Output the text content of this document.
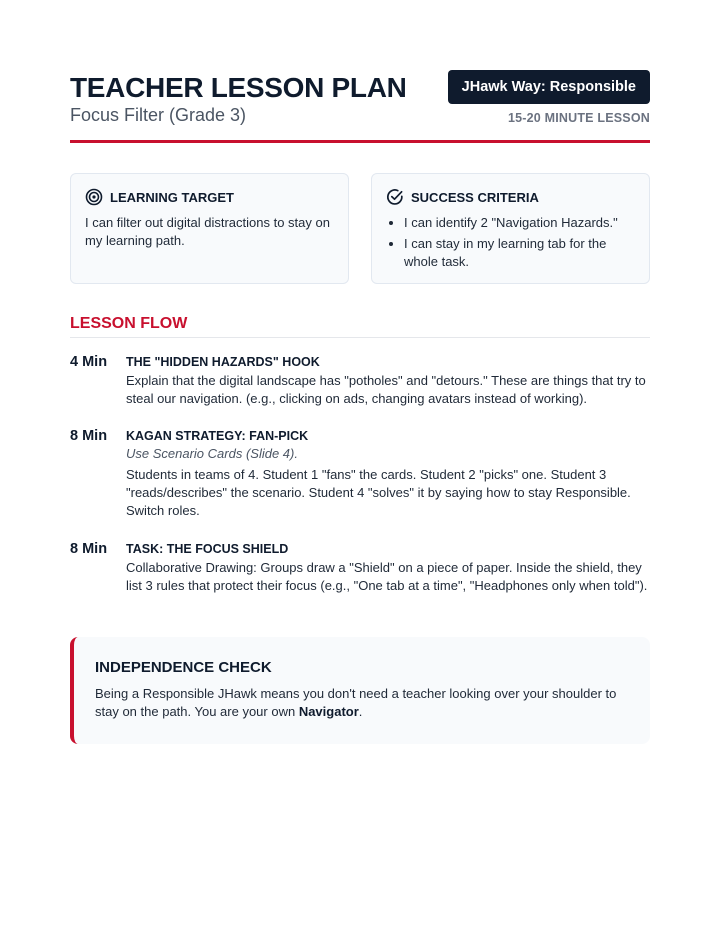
TEACHER LESSON PLAN
Focus Filter (Grade 3)
JHawk Way: Responsible
15-20 MINUTE LESSON
LEARNING TARGET
I can filter out digital distractions to stay on my learning path.
SUCCESS CRITERIA
• I can identify 2 "Navigation Hazards."
• I can stay in my learning tab for the whole task.
LESSON FLOW
4 Min THE "HIDDEN HAZARDS" HOOK
Explain that the digital landscape has "potholes" and "detours." These are things that try to steal our navigation. (e.g., clicking on ads, changing avatars instead of working).
8 Min KAGAN STRATEGY: FAN-PICK
Use Scenario Cards (Slide 4).
Students in teams of 4. Student 1 "fans" the cards. Student 2 "picks" one. Student 3 "reads/describes" the scenario. Student 4 "solves" it by saying how to stay Responsible. Switch roles.
8 Min TASK: THE FOCUS SHIELD
Collaborative Drawing: Groups draw a "Shield" on a piece of paper. Inside the shield, they list 3 rules that protect their focus (e.g., "One tab at a time", "Headphones only when told").
INDEPENDENCE CHECK
Being a Responsible JHawk means you don't need a teacher looking over your shoulder to stay on the path. You are your own Navigator.
